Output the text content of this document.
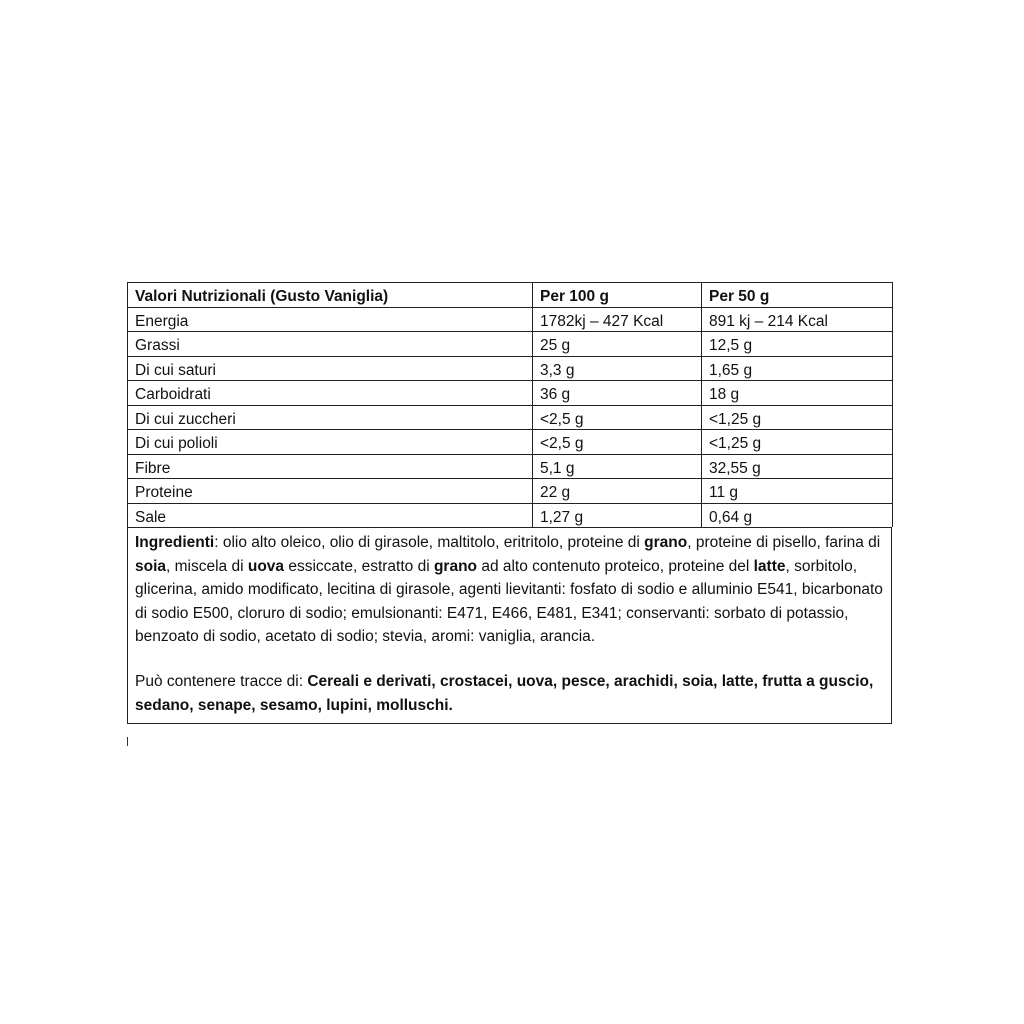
Valori Nutrizionali (Gusto Vaniglia)	Per 100 g	Per 50 g
Energia	1782kj – 427 Kcal	891 kj – 214 Kcal
Grassi	25 g	12,5 g
Di cui saturi	3,3 g	1,65 g
Carboidrati	36 g	18 g
Di cui zuccheri	<2,5 g	<1,25 g
Di cui polioli	<2,5 g	<1,25 g
Fibre	5,1 g	32,55 g
Proteine	22 g	11 g
Sale	1,27 g	0,64 g

Ingredienti: olio alto oleico, olio di girasole, maltitolo, eritritolo, proteine di grano, proteine di pisello, farina di soia, miscela di uova essiccate, estratto di grano ad alto contenuto proteico, proteine del latte, sorbitolo, glicerina, amido modificato, lecitina di girasole, agenti lievitanti: fosfato di sodio e alluminio E541, bicarbonato di sodio E500, cloruro di sodio; emulsionanti: E471, E466, E481, E341; conservanti: sorbato di potassio, benzoato di sodio, acetato di sodio; stevia, aromi: vaniglia, arancia.

Può contenere tracce di: Cereali e derivati, crostacei, uova, pesce, arachidi, soia, latte, frutta a guscio, sedano, senape, sesamo, lupini, molluschi.
